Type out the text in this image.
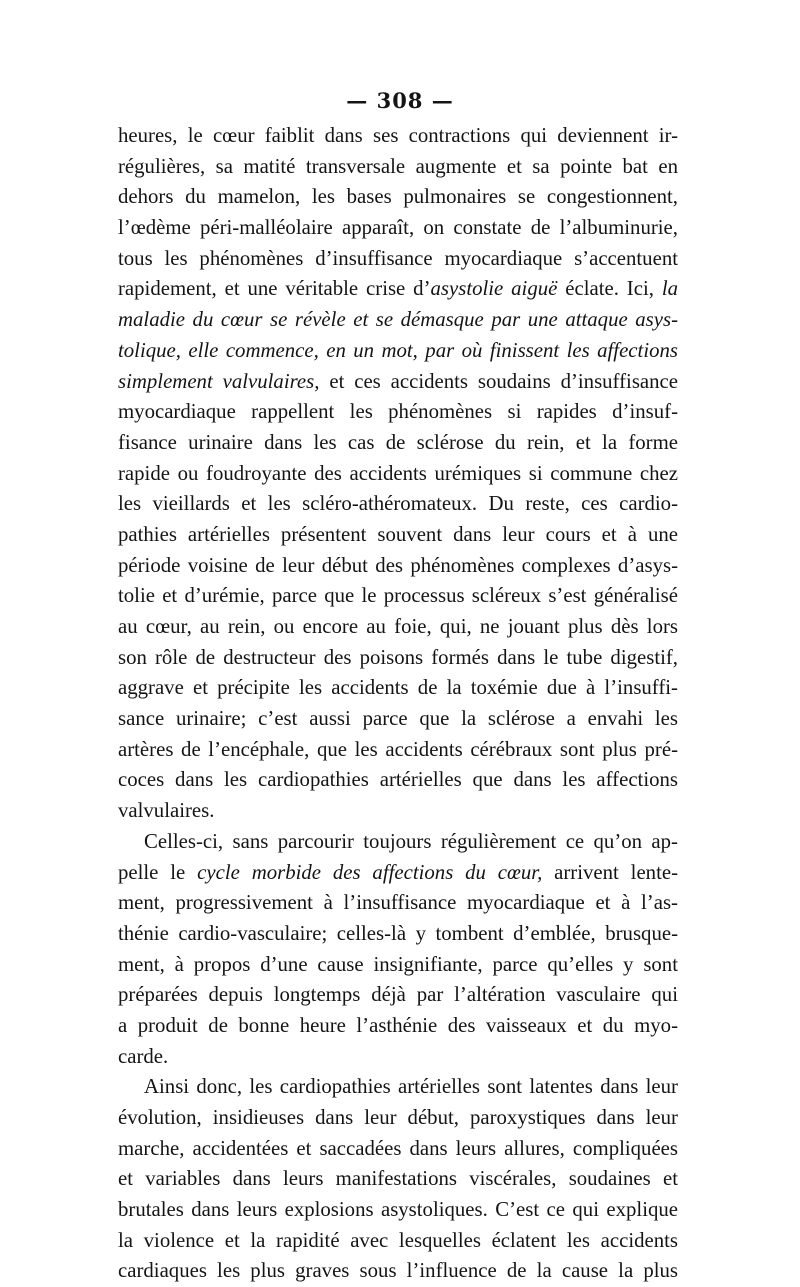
— 308 —
heures, le cœur faiblit dans ses contractions qui deviennent ir-
régulières, sa matité transversale augmente et sa pointe bat en
dehors du mamelon, les bases pulmonaires se congestionnent,
l’œdème péri-malléolaire apparaît, on constate de l’albuminurie,
tous les phénomènes d’insuffisance myocardiaque s’accentuent
rapidement, et une véritable crise d’asystolie aiguë éclate. Ici, la
maladie du cœur se révèle et se démasque par une attaque asys-
tolique, elle commence, en un mot, par où finissent les affections
simplement valvulaires, et ces accidents soudains d’insuffisance
myocardiaque rappellent les phénomènes si rapides d’insuf-
fisance urinaire dans les cas de sclérose du rein, et la forme
rapide ou foudroyante des accidents urémiques si commune chez
les vieillards et les scléro-athéromateux. Du reste, ces cardio-
pathies artérielles présentent souvent dans leur cours et à une
période voisine de leur début des phénomènes complexes d’asys-
tolie et d’urémie, parce que le processus scléreux s’est généralisé
au cœur, au rein, ou encore au foie, qui, ne jouant plus dès lors
son rôle de destructeur des poisons formés dans le tube digestif,
aggrave et précipite les accidents de la toxémie due à l’insuffi-
sance urinaire; c’est aussi parce que la sclérose a envahi les
artères de l’encéphale, que les accidents cérébraux sont plus pré-
coces dans les cardiopathies artérielles que dans les affections
valvulaires.
Celles-ci, sans parcourir toujours régulièrement ce qu’on ap-
pelle le cycle morbide des affections du cœur, arrivent lente-
ment, progressivement à l’insuffisance myocardiaque et à l’as-
thénie cardio-vasculaire; celles-là y tombent d’emblée, brusque-
ment, à propos d’une cause insignifiante, parce qu’elles y sont
préparées depuis longtemps déjà par l’altération vasculaire qui
a produit de bonne heure l’asthénie des vaisseaux et du myo-
carde.
Ainsi donc, les cardiopathies artérielles sont latentes dans leur
évolution, insidieuses dans leur début, paroxystiques dans leur
marche, accidentées et saccadées dans leurs allures, compliquées
et variables dans leurs manifestations viscérales, soudaines et
brutales dans leurs explosions asystoliques. C’est ce qui explique
la violence et la rapidité avec lesquelles éclatent les accidents
cardiaques les plus graves sous l’influence de la cause la plus
